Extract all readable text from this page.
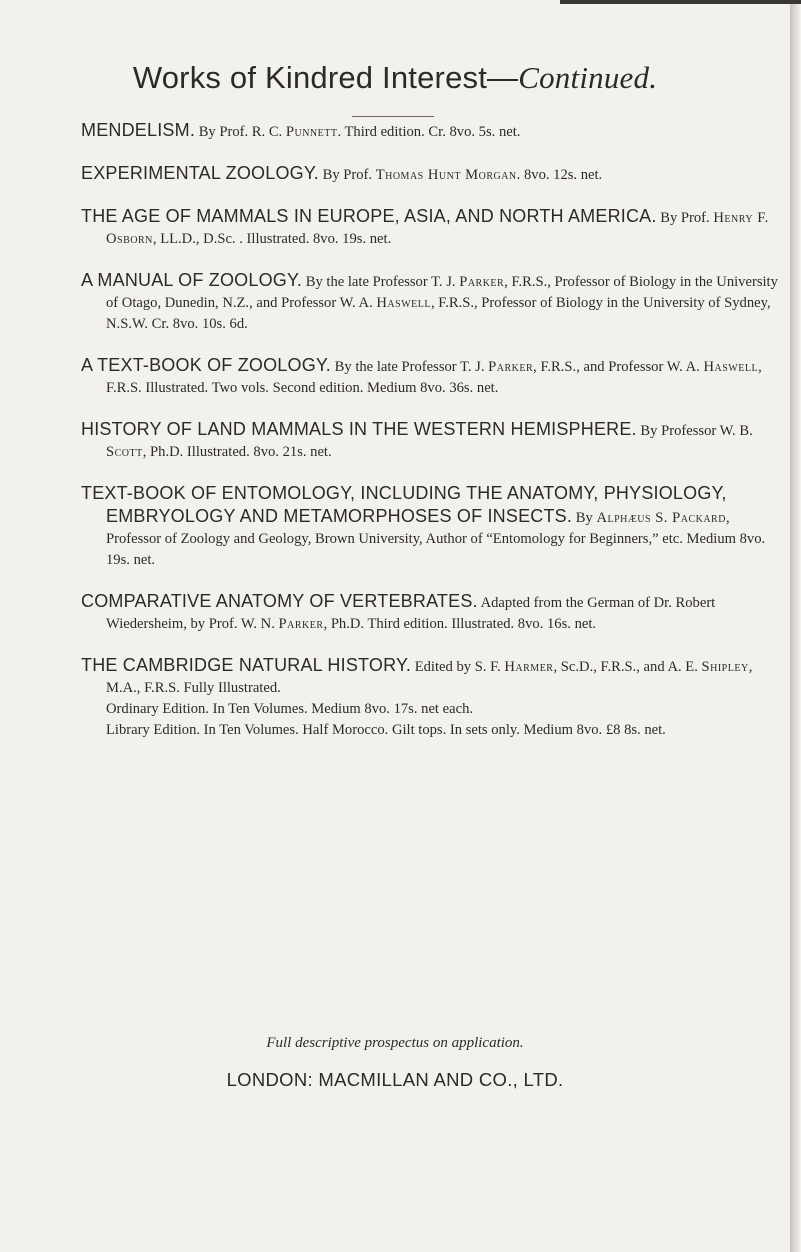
Works of Kindred Interest—Continued.
MENDELISM. By Prof. R. C. Punnett. Third edition. Cr. 8vo. 5s. net.
EXPERIMENTAL ZOOLOGY. By Prof. Thomas Hunt Morgan. 8vo. 12s. net.
THE AGE OF MAMMALS IN EUROPE, ASIA, AND NORTH AMERICA. By Prof. Henry F. Osborn, LL.D., D.Sc. . Illustrated. 8vo. 19s. net.
A MANUAL OF ZOOLOGY. By the late Professor T. J. Parker, F.R.S., Professor of Biology in the University of Otago, Dunedin, N.Z., and Professor W. A. Haswell, F.R.S., Professor of Biology in the University of Sydney, N.S.W. Cr. 8vo. 10s. 6d.
A TEXT-BOOK OF ZOOLOGY. By the late Professor T. J. Parker, F.R.S., and Professor W. A. Haswell, F.R.S. Illustrated. Two vols. Second edition. Medium 8vo. 36s. net.
HISTORY OF LAND MAMMALS IN THE WESTERN HEMISPHERE. By Professor W. B. Scott, Ph.D. Illustrated. 8vo. 21s. net.
TEXT-BOOK OF ENTOMOLOGY, INCLUDING THE ANATOMY, PHYSIOLOGY, EMBRYOLOGY AND METAMORPHOSES OF INSECTS. By Alphæus S. Packard, Professor of Zoology and Geology, Brown University, Author of “Entomology for Beginners,” etc. Medium 8vo. 19s. net.
COMPARATIVE ANATOMY OF VERTEBRATES. Adapted from the German of Dr. Robert Wiedersheim, by Prof. W. N. Parker, Ph.D. Third edition. Illustrated. 8vo. 16s. net.
THE CAMBRIDGE NATURAL HISTORY. Edited by S. F. Harmer, Sc.D., F.R.S., and A. E. Shipley, M.A., F.R.S. Fully Illustrated.
Ordinary Edition. In Ten Volumes. Medium 8vo. 17s. net each.
Library Edition. In Ten Volumes. Half Morocco. Gilt tops. In sets only. Medium 8vo. £8 8s. net.
Full descriptive prospectus on application.
LONDON: MACMILLAN AND CO., LTD.
